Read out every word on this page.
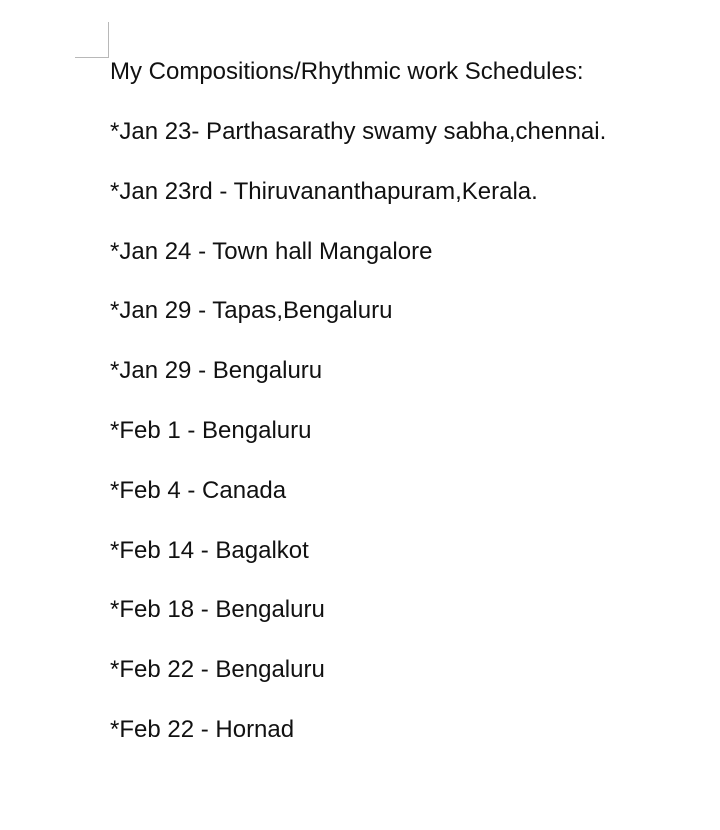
My Compositions/Rhythmic work Schedules:

*Jan 23- Parthasarathy swamy sabha,chennai.
*Jan 23rd - Thiruvananthapuram,Kerala.
*Jan 24 - Town hall Mangalore
*Jan 29 - Tapas,Bengaluru
*Jan 29 - Bengaluru
*Feb 1 - Bengaluru
*Feb 4 - Canada
*Feb 14 - Bagalkot
*Feb 18 - Bengaluru
*Feb 22 - Bengaluru
*Feb 22 - Hornad
